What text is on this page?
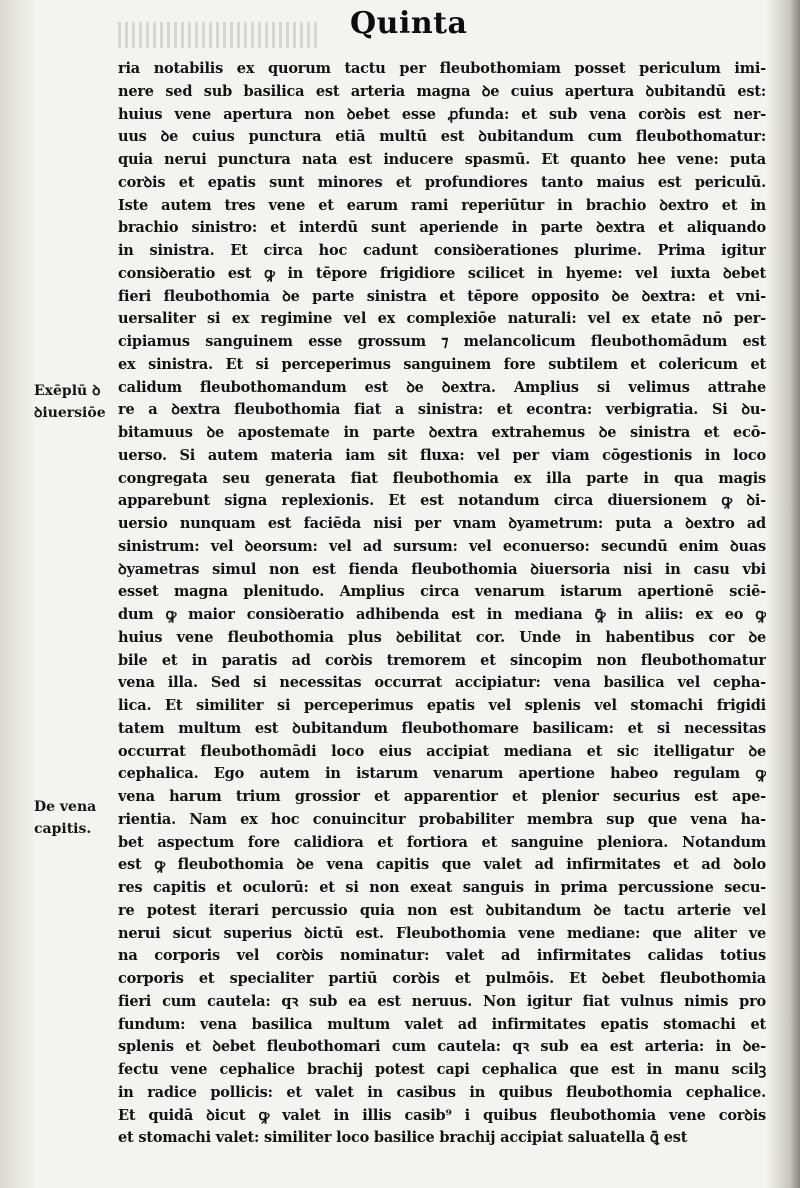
Quinta
Exēplū ꝺ
ꝺiuersiōe
De vena
capitis.
ria notabilis ex quorum tactu per fleubothomiam posset periculum imi-
nere sed sub basilica est arteria magna ꝺe cuius apertura ꝺubitandū est:
huius vene apertura non ꝺebet esse ꝓfunda: et sub vena corꝺis est ner-
uus ꝺe cuius punctura etiā multū est ꝺubitandum cum fleubothomatur:
quia nerui punctura nata est inducere spasmū. Et quanto hee vene: puta
corꝺis et epatis sunt minores et profundiores tanto maius est periculū.
Iste autem tres vene et earum rami reperiūtur in brachio ꝺextro et in
brachio sinistro: et interdū sunt aperiende in parte ꝺextra et aliquando
in sinistra. Et circa hoc cadunt consiꝺerationes plurime. Prima igitur
consiꝺeratio est ꝙ in tēpore frigidiore scilicet in hyeme: vel iuxta ꝺebet
fieri fleubothomia ꝺe parte sinistra et tēpore opposito ꝺe ꝺextra: et vni-
uersaliter si ex regimine vel ex complexiōe naturali: vel ex etate nō per-
cipiamus sanguinem esse grossum ⁊ melancolicum fleubothomādum est
ex sinistra. Et si perceperimus sanguinem fore subtilem et colericum et
calidum fleubothomandum est ꝺe ꝺextra. Amplius si velimus attrahe
re a ꝺextra fleubothomia fiat a sinistra: et econtra: verbigratia. Si ꝺu-
bitamuus ꝺe apostemate in parte ꝺextra extrahemus ꝺe sinistra et ecō-
uerso. Si autem materia iam sit fluxa: vel per viam cōgestionis in loco
congregata seu generata fiat fleubothomia ex illa parte in qua magis
apparebunt signa replexionis. Et est notandum circa diuersionem ꝙ ꝺi-
uersio nunquam est faciēda nisi per vnam ꝺyametrum: puta a ꝺextro ad
sinistrum: vel ꝺeorsum: vel ad sursum: vel econuerso: secundū enim ꝺuas
ꝺyametras simul non est fienda fleubothomia ꝺiuersoria nisi in casu vbi
esset magna plenitudo. Amplius circa venarum istarum apertionē sciē-
dum ꝙ maior consiꝺeratio adhibenda est in mediana ꝙ̄ in aliis: ex eo ꝙ
huius vene fleubothomia plus ꝺebilitat cor. Unde in habentibus cor ꝺe
bile et in paratis ad corꝺis tremorem et sincopim non fleubothomatur
vena illa. Sed si necessitas occurrat accipiatur: vena basilica vel cepha-
lica. Et similiter si perceperimus epatis vel splenis vel stomachi frigidi
tatem multum est ꝺubitandum fleubothomare basilicam: et si necessitas
occurrat fleubothomādi loco eius accipiat mediana et sic itelligatur ꝺe
cephalica. Ego autem in istarum venarum apertione habeo regulam ꝙ
vena harum trium grossior et apparentior et plenior securius est ape-
rientia. Nam ex hoc conuincitur probabiliter membra sup que vena ha-
bet aspectum fore calidiora et fortiora et sanguine pleniora. Notandum
est ꝙ fleubothomia ꝺe vena capitis que valet ad infirmitates et ad ꝺolo
res capitis et oculorū: et si non exeat sanguis in prima percussione secu-
re potest iterari percussio quia non est ꝺubitandum ꝺe tactu arterie vel
nerui sicut superius ꝺictū est. Fleubothomia vene mediane: que aliter ve
na corporis vel corꝺis nominatur: valet ad infirmitates calidas totius
corporis et specialiter partiū corꝺis et pulmōis. Et ꝺebet fleubothomia
fieri cum cautela: qꝛ sub ea est neruus. Non igitur fiat vulnus nimis pro
fundum: vena basilica multum valet ad infirmitates epatis stomachi et
splenis et ꝺebet fleubothomari cum cautela: qꝛ sub ea est arteria: in ꝺe-
fectu vene cephalice brachij potest capi cephalica que est in manu scilꝫ
in radice pollicis: et valet in casibus in quibus fleubothomia cephalice.
Et quidā ꝺicut ꝙ valet in illis casib⁹ i quibus fleubothomia vene corꝺis
et stomachi valet: similiter loco basilice brachij accipiat saluatella ꝗ̄ est
